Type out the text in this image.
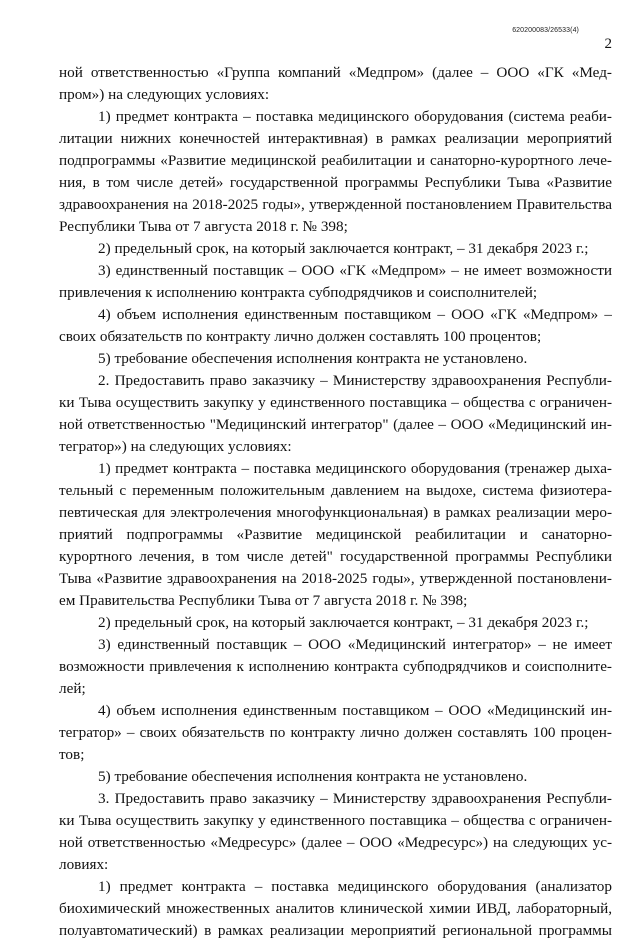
620200083/26533(4)
2
ной ответственностью «Группа компаний «Медпром» (далее – ООО «ГК «Мед-
пром») на следующих условиях:
1) предмет контракта – поставка медицинского оборудования (система реаби-
литации нижних конечностей интерактивная) в рамках реализации мероприятий
подпрограммы «Развитие медицинской реабилитации и санаторно-курортного лече-
ния, в том числе детей» государственной программы Республики Тыва «Развитие
здравоохранения на 2018-2025 годы», утвержденной постановлением Правительства
Республики Тыва от 7 августа 2018 г. № 398;
2) предельный срок, на который заключается контракт, – 31 декабря 2023 г.;
3) единственный поставщик – ООО «ГК «Медпром» – не имеет возможности
привлечения к исполнению контракта субподрядчиков и соисполнителей;
4) объем исполнения единственным поставщиком – ООО «ГК «Медпром» –
своих обязательств по контракту лично должен составлять 100 процентов;
5) требование обеспечения исполнения контракта не установлено.
2. Предоставить право заказчику – Министерству здравоохранения Республи-
ки Тыва осуществить закупку у единственного поставщика – общества с ограничен-
ной ответственностью "Медицинский интегратор" (далее – ООО «Медицинский ин-
тегратор») на следующих условиях:
1) предмет контракта – поставка медицинского оборудования (тренажер дыха-
тельный с переменным положительным давлением на выдохе, система физиотера-
певтическая для электролечения многофункциональная) в рамках реализации меро-
приятий подпрограммы «Развитие медицинской реабилитации и санаторно-
курортного лечения, в том числе детей" государственной программы Республики
Тыва «Развитие здравоохранения на 2018-2025 годы», утвержденной постановлени-
ем Правительства Республики Тыва от 7 августа 2018 г. № 398;
2) предельный срок, на который заключается контракт, – 31 декабря 2023 г.;
3) единственный поставщик – ООО «Медицинский интегратор» – не имеет
возможности привлечения к исполнению контракта субподрядчиков и соисполните-
лей;
4) объем исполнения единственным поставщиком – ООО «Медицинский ин-
тегратор» – своих обязательств по контракту лично должен составлять 100 процен-
тов;
5) требование обеспечения исполнения контракта не установлено.
3. Предоставить право заказчику – Министерству здравоохранения Республи-
ки Тыва осуществить закупку у единственного поставщика – общества с ограничен-
ной ответственностью «Медресурс» (далее – ООО «Медресурс») на следующих ус-
ловиях:
1) предмет контракта – поставка медицинского оборудования (анализатор
биохимический множественных аналитов клинической химии ИВД, лабораторный,
полуавтоматический) в рамках реализации мероприятий региональной программы
